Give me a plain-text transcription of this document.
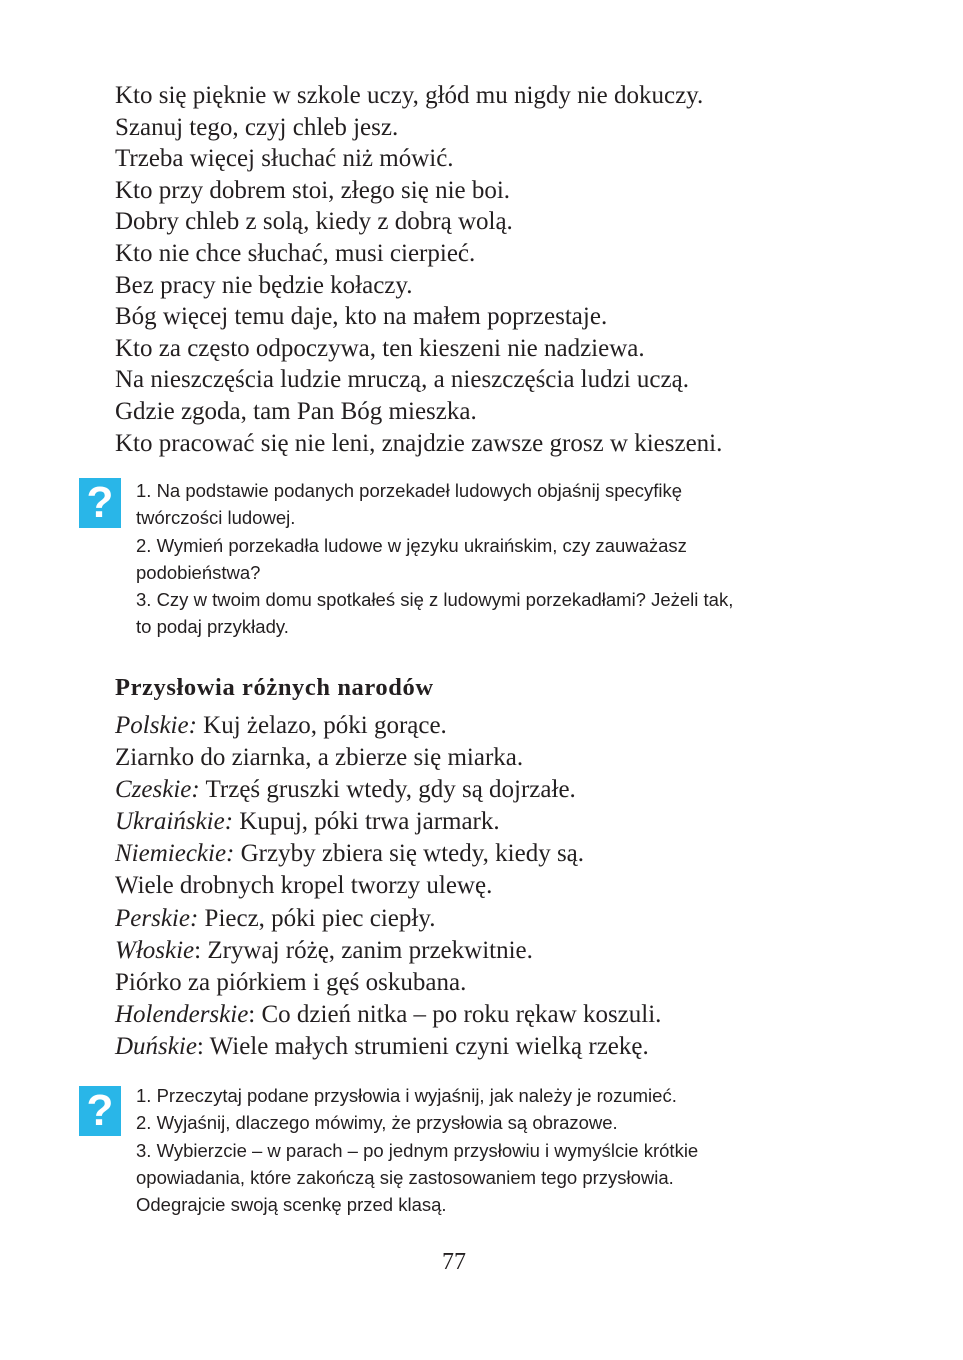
Kto się pięknie w szkole uczy, głód mu nigdy nie dokuczy.
Szanuj tego, czyj chleb jesz.
Trzeba więcej słuchać niż mówić.
Kto przy dobrem stoi, złego się nie boi.
Dobry chleb z solą, kiedy z dobrą wolą.
Kto nie chce słuchać, musi cierpieć.
Bez pracy nie będzie kołaczy.
Bóg więcej temu daje, kto na małem poprzestaje.
Kto za często odpoczywa, ten kieszeni nie nadziewa.
Na nieszczęścia ludzie mruczą, a nieszczęścia ludzi uczą.
Gdzie zgoda, tam Pan Bóg mieszka.
Kto pracować się nie leni, znajdzie zawsze grosz w kieszeni.
?	1. Na podstawie podanych porzekadeł ludowych objaśnij specyfikę
twórczości ludowej.
2. Wymień porzekadła ludowe w języku ukraińskim, czy zauważasz
podobieństwa?
3. Czy w twoim domu spotkałeś się z ludowymi porzekadłami? Jeżeli tak,
to podaj przykłady.
Przysłowia różnych narodów
Polskie: Kuj żelazo, póki gorące.
Ziarnko do ziarnka, a zbierze się miarka.
Czeskie: Trzęś gruszki wtedy, gdy są dojrzałe.
Ukraińskie: Kupuj, póki trwa jarmark.
Niemieckie: Grzyby zbiera się wtedy, kiedy są.
Wiele drobnych kropel tworzy ulewę.
Perskie: Piecz, póki piec ciepły.
Włoskie: Zrywaj różę, zanim przekwitnie.
Piórko za piórkiem i gęś oskubana.
Holenderskie: Co dzień nitka – po roku rękaw koszuli.
Duńskie: Wiele małych strumieni czyni wielką rzekę.
?	1. Przeczytaj podane przysłowia i wyjaśnij, jak należy je rozumieć.
2. Wyjaśnij, dlaczego mówimy, że przysłowia są obrazowe.
3. Wybierzcie – w parach – po jednym przysłowiu i wymyślcie krótkie
opowiadania, które zakończą się zastosowaniem tego przysłowia.
Odegrajcie swoją scenkę przed klasą.
77
